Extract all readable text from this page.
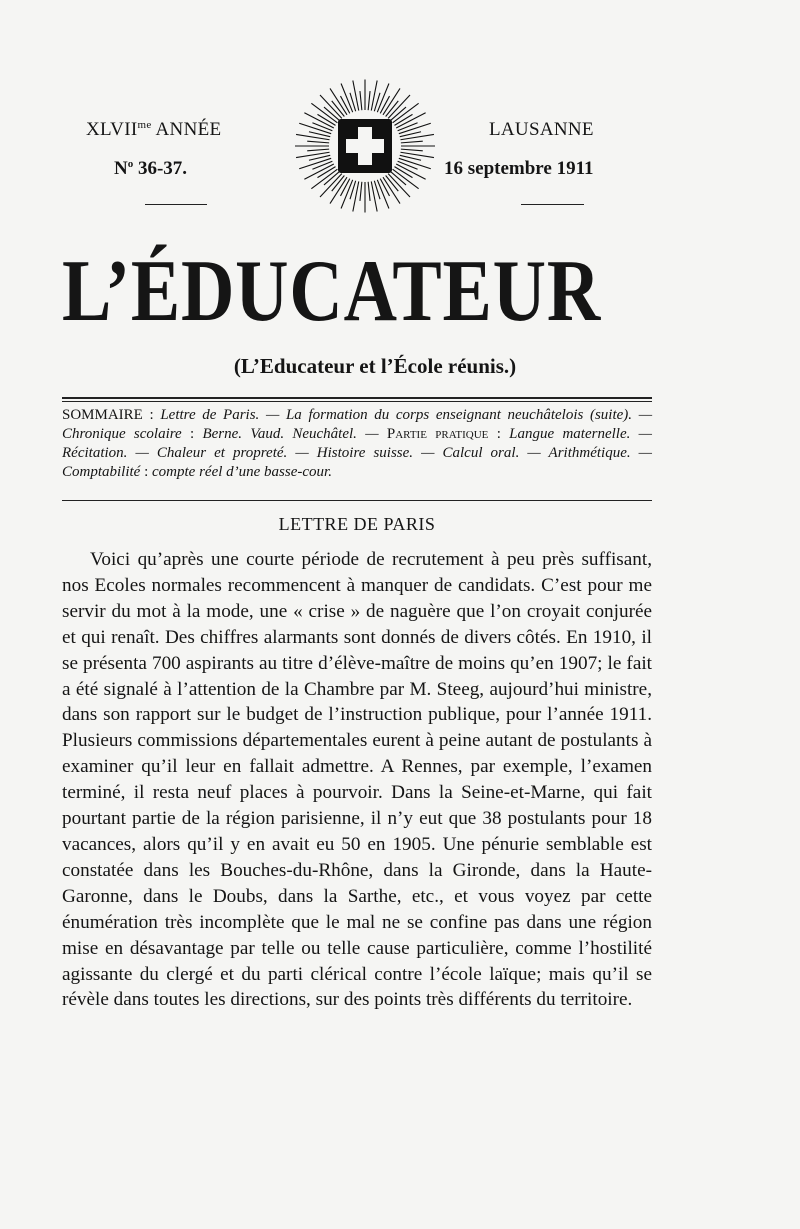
$XLVII^{me}$ ANNÉE
$N^o$ 36-37.
LAUSANNE
16 septembre 1911
L’ÉDUCATEUR
(L’Educateur et l’École réunis.)
SOMMAIRE : Lettre de Paris. — La formation du corps enseignant neuchâtelois (suite). — Chronique scolaire : Berne. Vaud. Neuchâtel. — Partie pratique : Langue maternelle. — Récitation. — Chaleur et propreté. — Histoire suisse. — Calcul oral. — Arithmétique. — Comptabilité : compte réel d’une basse-cour.
LETTRE DE PARIS

Voici qu’après une courte période de recrutement à peu près suffisant, nos Ecoles normales recommencent à manquer de candidats. C’est pour me servir du mot à la mode, une « crise » de naguère que l’on croyait conjurée et qui renaît. Des chiffres alarmants sont donnés de divers côtés. En 1910, il se présenta 700 aspirants au titre d’élève-maître de moins qu’en 1907; le fait a été signalé à l’attention de la Chambre par M. Steeg, aujourd’hui ministre, dans son rapport sur le budget de l’instruction publique, pour l’année 1911. Plusieurs commissions départementales eurent à peine autant de postulants à examiner qu’il leur en fallait admettre. A Rennes, par exemple, l’examen terminé, il resta neuf places à pourvoir. Dans la Seine-et-Marne, qui fait pourtant partie de la région parisienne, il n’y eut que 38 postulants pour 18 vacances, alors qu’il y en avait eu 50 en 1905. Une pénurie semblable est constatée dans les Bouches-du-Rhône, dans la Gironde, dans la Haute-Garonne, dans le Doubs, dans la Sarthe, etc., et vous voyez par cette énumération très incomplète que le mal ne se confine pas dans une région mise en désavantage par telle ou telle cause particulière, comme l’hostilité agissante du clergé et du parti clérical contre l’école laïque; mais qu’il se révèle dans toutes les directions, sur des points très différents du territoire.
